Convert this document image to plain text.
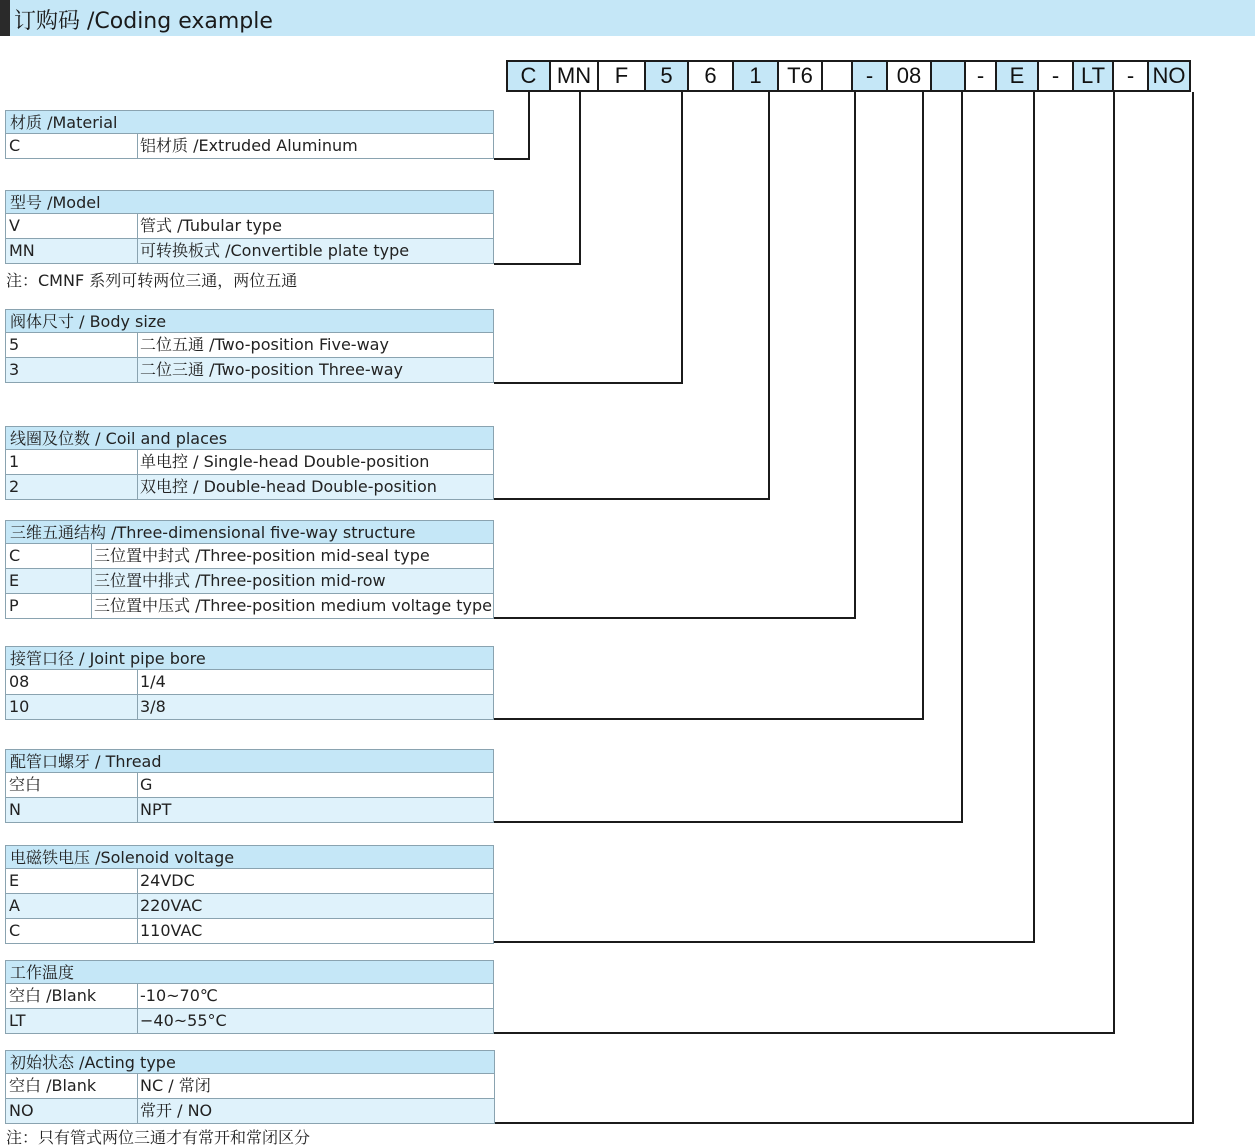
订购码 /Coding example
C MN	F	5	6	1	T6	-	08	-	E	- LT - NO
材质 /Material
C	铝材质 /Extruded Aluminum
型号 /Model
V	管式 /Tubular type
MN	可转换板式 /Convertible plate type
阀体尺寸 / Body size
5	二位五通 /Two-position Five-way
3	二位三通 /Two-position Three-way
线圈及位数 / Coil and places
1	单电控 / Single-head Double-position
2	双电控 / Double-head Double-position
三维五通结构 /Three-dimensional five-way structure
C	三位置中封式 /Three-position mid-seal type
E	三位置中排式 /Three-position mid-row
P	三位置中压式 /Three-position medium voltage type
接管口径 / Joint pipe bore
08	1/4
10	3/8
配管口螺牙 / Thread
空白	G
N	NPT
电磁铁电压 /Solenoid voltage
E	24VDC
A	220VAC
C	110VAC
工作温度
空白 /Blank	-10~70℃
LT	−40~55°C
初始状态 /Acting type
空白 /Blank	NC / 常闭
NO	常开 / NO
注：CMNF 系列可转两位三通，两位五通
注：只有管式两位三通才有常开和常闭区分
